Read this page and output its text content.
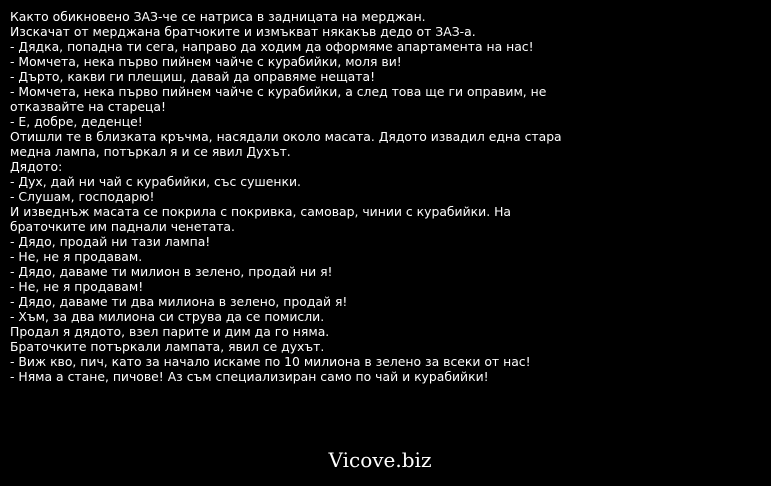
Както обикновено ЗАЗ-че се натриса в задницата на мерджан.
Изскачат от мерджана братчоките и измъкват някакъв дедо от ЗАЗ-а.
- Дядка, попадна ти сега, направо да ходим да оформяме апартамента на нас!
- Момчета, нека първо пийнем чайче с курабийки, моля ви!
- Дърто, какви ги плещиш, давай да оправяме нещата!
- Момчета, нека първо пийнем чайче с курабийки, а след това ще ги оправим, не
отказвайте на стареца!
- Е, добре, деденце!
Отишли те в близката кръчма, насядали около масата. Дядото извадил една стара
медна лампа, потъркал я и се явил Духът.
Дядото:
- Дух, дай ни чай с курабийки, със сушенки.
- Слушам, господарю!
И изведнъж масата се покрила с покривка, самовар, чинии с курабийки. На
браточките им паднали ченетата.
- Дядо, продай ни тази лампа!
- Не, не я продавам.
- Дядо, даваме ти милион в зелено, продай ни я!
- Не, не я продавам!
- Дядо, даваме ти два милиона в зелено, продай я!
- Хъм, за два милиона си струва да се помисли.
Продал я дядото, взел парите и дим да го няма.
Браточките потъркали лампата, явил се духът.
- Виж кво, пич, като за начало искаме по 10 милиона в зелено за всеки от нас!
- Няма а стане, пичове! Аз съм специализиран само по чай и курабийки!
Vicove.biz
